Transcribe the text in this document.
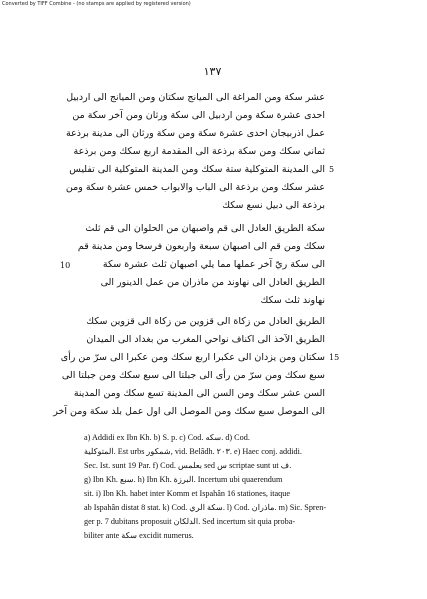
Converted by TIFF Combine - (no stamps are applied by registered version)
١٣٧
عشر سكة ومن المراغة الى الميانج سكتان ومن الميانج الى اردبيل
احدى عشرة سكة ومن اردبيل الى سكة ورثان ومن آخر سكة من
عمل اذربيجان احدى عشرة سكة ومن سكة ورثان الى مدينة برذعة
ثماني سكك ومن سكة برذعة الى المقدمة اربع سكك ومن برذعة
الى المدينة المتوكلية ستة سكك ومن المدينة المتوكلية الى تفليس
عشر سكك ومن برذعة الى الباب والابواب خمس عشرة سكة ومن
برذعة الى دبيل نسع سكك
سكة الطريق العادل الى قم واصبهان من الحلوان الى قم ثلث
سكك ومن قم الى اصبهان سبعة واربعون فرسخا ومن مدينة قم
الى سكة ريّ آخر عملها مما يلي اصبهان ثلث عشرة سكة
الطريق العادل الى نهاوند من ماذران من عمل الدينور الى
نهاوند ثلث سكك
الطريق العادل من زكاة الى قزوين من زكاة الى قزوين سكك
الطريق الآخذ الى اكناف نواحي المغرب من بغداد الى الميدان
سكتان ومن يزدان الى عكبرا اربع سكك ومن عكبرا الى سرّ من رأى
سبع سكك ومن سرّ من رأى الى جبلتا الى سبع سكك ومن جبلتا الى
السن عشر سكك ومن السن الى المدينة تسع سكك ومن المدينة
الى الموصل سبع سكك ومن الموصل الى اول عمل بلد سكة ومن آخر
5
10
15
a) Addidi ex Ibn Kh. b) S. p. c) Cod. سكه. d) Cod.
المتوكلية. Est urbs شمكور, vid. Belâdh. ۲۰۳. e) Haec conj. addidi.
Sec. Ist. sunt 19 Par. f) Cod. بعلمس sed س scriptae sunt ut ف.
g) Ibn Kh. سبع. h) Ibn Kh. البرزة. Incertum ubi quaerendum
sit. i) Ibn Kh. habet inter Komm et Ispahân 16 stationes, itaque
ab Ispahân distat 8 stat. k) Cod. سكة الري. l) Cod. ماذران. m) Sic. Spren-
ger p. 7 dubitans proposuit الدلكان. Sed incertum sit quia proba-
biliter ante سكة excidit numerus.
